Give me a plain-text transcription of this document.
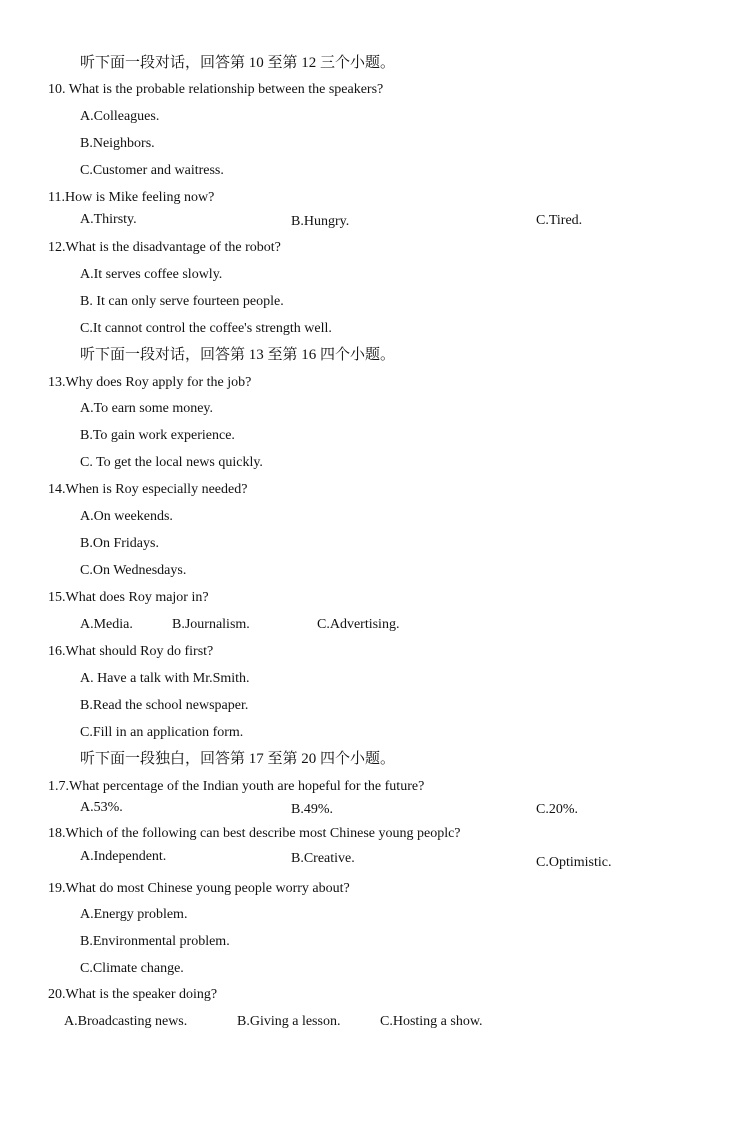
听下面一段对话，回答第 10 至第 12 三个小题。
10. What is the probable relationship between the speakers?
A.Colleagues.
B.Neighbors.
C.Customer and waitress.
11.How is Mike feeling now?
A.Thirsty.	B.Hungry.	C.Tired.
12.What is the disadvantage of the robot?
A.It serves coffee slowly.
B. It can only serve fourteen people.
C.It cannot control the coffee's strength well.
听下面一段对话，回答第 13 至第 16 四个小题。
13.Why does Roy apply for the job?
A.To earn some money.
B.To gain work experience.
C. To get the local news quickly.
14.When is Roy especially needed?
A.On weekends.
B.On Fridays.
C.On Wednesdays.
15.What does Roy major in?
A.Media.	B.Journalism.	C.Advertising.
16.What should Roy do first?
A. Have a talk with Mr.Smith.
B.Read the school newspaper.
C.Fill in an application form.
听下面一段独白，回答第 17 至第 20 四个小题。
1.7.What percentage of the Indian youth are hopeful for the future?
A.53%.	B.49%.	C.20%.
18.Which of the following can best describe most Chinese young peoplc?
A.Independent.	B.Creative.	C.Optimistic.
19.What do most Chinese young people worry about?
A.Energy problem.
B.Environmental problem.
C.Climate change.
20.What is the speaker doing?
A.Broadcasting news.	B.Giving a lesson.	C.Hosting a show.
